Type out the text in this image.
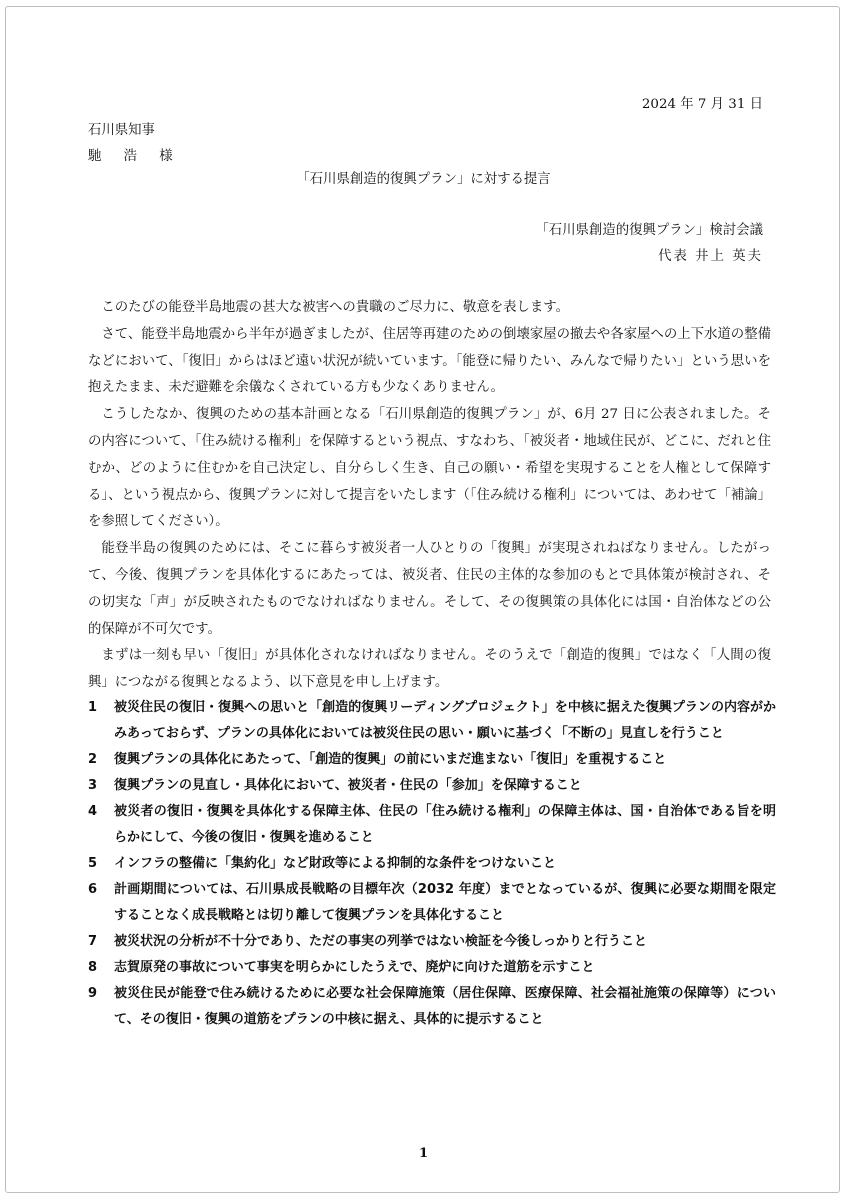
2024 年 7 月 31 日
石川県知事
馳 浩 様
「石川県創造的復興プラン」に対する提言
「石川県創造的復興プラン」検討会議
代表 井上 英夫

このたびの能登半島地震の甚大な被害への貴職のご尽力に、敬意を表します。

さて、能登半島地震から半年が過ぎましたが、住居等再建のための倒壊家屋の撤去や各家屋への上下水道の整備などにおいて、「復旧」からはほど遠い状況が続いています。「能登に帰りたい、みんなで帰りたい」という思いを抱えたまま、未だ避難を余儀なくされている方も少なくありません。

こうしたなか、復興のための基本計画となる「石川県創造的復興プラン」が、6月 27 日に公表されました。その内容について、「住み続ける権利」を保障するという視点、すなわち、「被災者・地域住民が、どこに、だれと住むか、どのように住むかを自己決定し、自分らしく生き、自己の願い・希望を実現することを人権として保障する」、という視点から、復興プランに対して提言をいたします（「住み続ける権利」については、あわせて「補論」を参照してください）。

能登半島の復興のためには、そこに暮らす被災者一人ひとりの「復興」が実現されねばなりません。したがって、今後、復興プランを具体化するにあたっては、被災者、住民の主体的な参加のもとで具体策が検討され、その切実な「声」が反映されたものでなければなりません。そして、その復興策の具体化には国・自治体などの公的保障が不可欠です。

まずは一刻も早い「復旧」が具体化されなければなりません。そのうえで「創造的復興」ではなく「人間の復興」につながる復興となるよう、以下意見を申し上げます。

1	被災住民の復旧・復興への思いと「創造的復興リーディングプロジェクト」を中核に据えた復興プランの内容がかみあっておらず、プランの具体化においては被災住民の思い・願いに基づく「不断の」見直しを行うこと
2	復興プランの具体化にあたって、「創造的復興」の前にいまだ進まない「復旧」を重視すること
3	復興プランの見直し・具体化において、被災者・住民の「参加」を保障すること
4	被災者の復旧・復興を具体化する保障主体、住民の「住み続ける権利」の保障主体は、国・自治体である旨を明らかにして、今後の復旧・復興を進めること
5	インフラの整備に「集約化」など財政等による抑制的な条件をつけないこと
6	計画期間については、石川県成長戦略の目標年次（2032 年度）までとなっているが、復興に必要な期間を限定することなく成長戦略とは切り離して復興プランを具体化すること
7	被災状況の分析が不十分であり、ただの事実の列挙ではない検証を今後しっかりと行うこと
8	志賀原発の事故について事実を明らかにしたうえで、廃炉に向けた道筋を示すこと
9	被災住民が能登で住み続けるために必要な社会保障施策（居住保障、医療保障、社会福祉施策の保障等）について、その復旧・復興の道筋をプランの中核に据え、具体的に提示すること
1
